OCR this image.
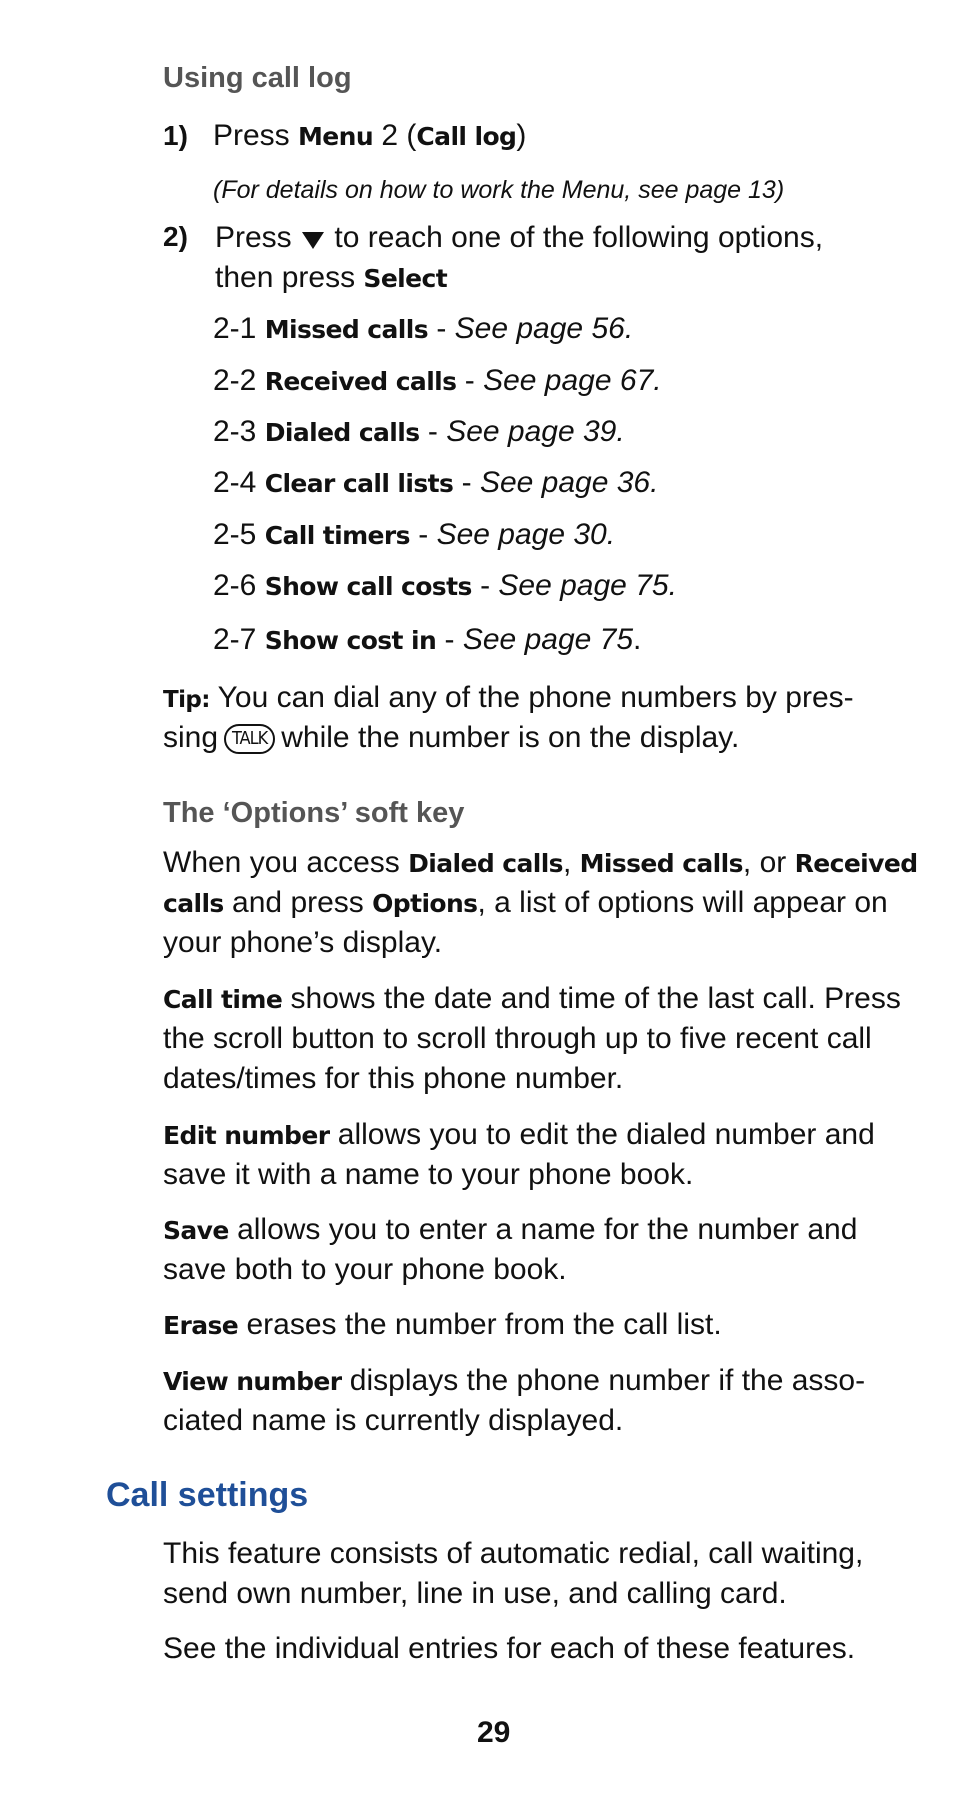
Using call log
1) Press Menu 2 (Call log)
(For details on how to work the Menu, see page 13)
2) Press  to reach one of the following options,
then press Select
2-1 Missed calls - See page 56.
2-2 Received calls - See page 67.
2-3 Dialed calls - See page 39.
2-4 Clear call lists - See page 36.
2-5 Call timers - See page 30.
2-6 Show call costs - See page 75.
2-7 Show cost in - See page 75.
Tip: You can dial any of the phone numbers by pres-
sing TALK while the number is on the display.
The ‘Options’ soft key
When you access Dialed calls, Missed calls, or Received
calls and press Options, a list of options will appear on
your phone’s display.
Call time shows the date and time of the last call. Press
the scroll button to scroll through up to five recent call
dates/times for this phone number.
Edit number allows you to edit the dialed number and
save it with a name to your phone book.
Save allows you to enter a name for the number and
save both to your phone book.
Erase erases the number from the call list.
View number displays the phone number if the asso-
ciated name is currently displayed.
Call settings
This feature consists of automatic redial, call waiting,
send own number, line in use, and calling card.
See the individual entries for each of these features.
29
